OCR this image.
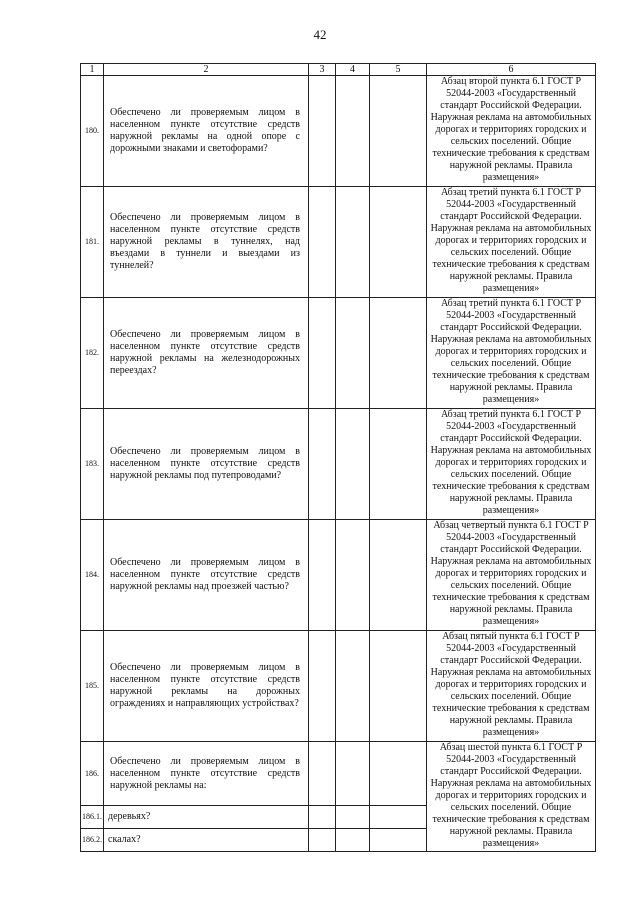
42
1	2	3	4	5	6
180.	Обеспечено ли проверяемым лицом в населенном пункте отсутствие средств наружной рекламы на одной опоре с дорожными знаками и светофорами?				Абзац второй пункта 6.1 ГОСТ Р 52044-2003 «Государственный стандарт Российской Федерации. Наружная реклама на автомобильных дорогах и территориях городских и сельских поселений. Общие технические требования к средствам наружной рекламы. Правила размещения»
181.	Обеспечено ли проверяемым лицом в населенном пункте отсутствие средств наружной рекламы в туннелях, над въездами в туннели и выездами из туннелей?				Абзац третий пункта 6.1 ГОСТ Р 52044-2003 «Государственный стандарт Российской Федерации. Наружная реклама на автомобильных дорогах и территориях городских и сельских поселений. Общие технические требования к средствам наружной рекламы. Правила размещения»
182.	Обеспечено ли проверяемым лицом в населенном пункте отсутствие средств наружной рекламы на железнодорожных переездах?				Абзац третий пункта 6.1 ГОСТ Р 52044-2003 «Государственный стандарт Российской Федерации. Наружная реклама на автомобильных дорогах и территориях городских и сельских поселений. Общие технические требования к средствам наружной рекламы. Правила размещения»
183.	Обеспечено ли проверяемым лицом в населенном пункте отсутствие средств наружной рекламы под путепроводами?				Абзац третий пункта 6.1 ГОСТ Р 52044-2003 «Государственный стандарт Российской Федерации. Наружная реклама на автомобильных дорогах и территориях городских и сельских поселений. Общие технические требования к средствам наружной рекламы. Правила размещения»
184.	Обеспечено ли проверяемым лицом в населенном пункте отсутствие средств наружной рекламы над проезжей частью?				Абзац четвертый пункта 6.1 ГОСТ Р 52044-2003 «Государственный стандарт Российской Федерации. Наружная реклама на автомобильных дорогах и территориях городских и сельских поселений. Общие технические требования к средствам наружной рекламы. Правила размещения»
185.	Обеспечено ли проверяемым лицом в населенном пункте отсутствие средств наружной рекламы на дорожных ограждениях и направляющих устройствах?				Абзац пятый пункта 6.1 ГОСТ Р 52044-2003 «Государственный стандарт Российской Федерации. Наружная реклама на автомобильных дорогах и территориях городских и сельских поселений. Общие технические требования к средствам наружной рекламы. Правила размещения»
186.	Обеспечено ли проверяемым лицом в населенном пункте отсутствие средств наружной рекламы на:				Абзац шестой пункта 6.1 ГОСТ Р 52044-2003 «Государственный стандарт Российской Федерации. Наружная реклама на автомобильных дорогах и территориях городских и сельских поселений. Общие технические требования к средствам наружной рекламы. Правила размещения»
186.1.	деревьях?				
186.2.	скалах?				
